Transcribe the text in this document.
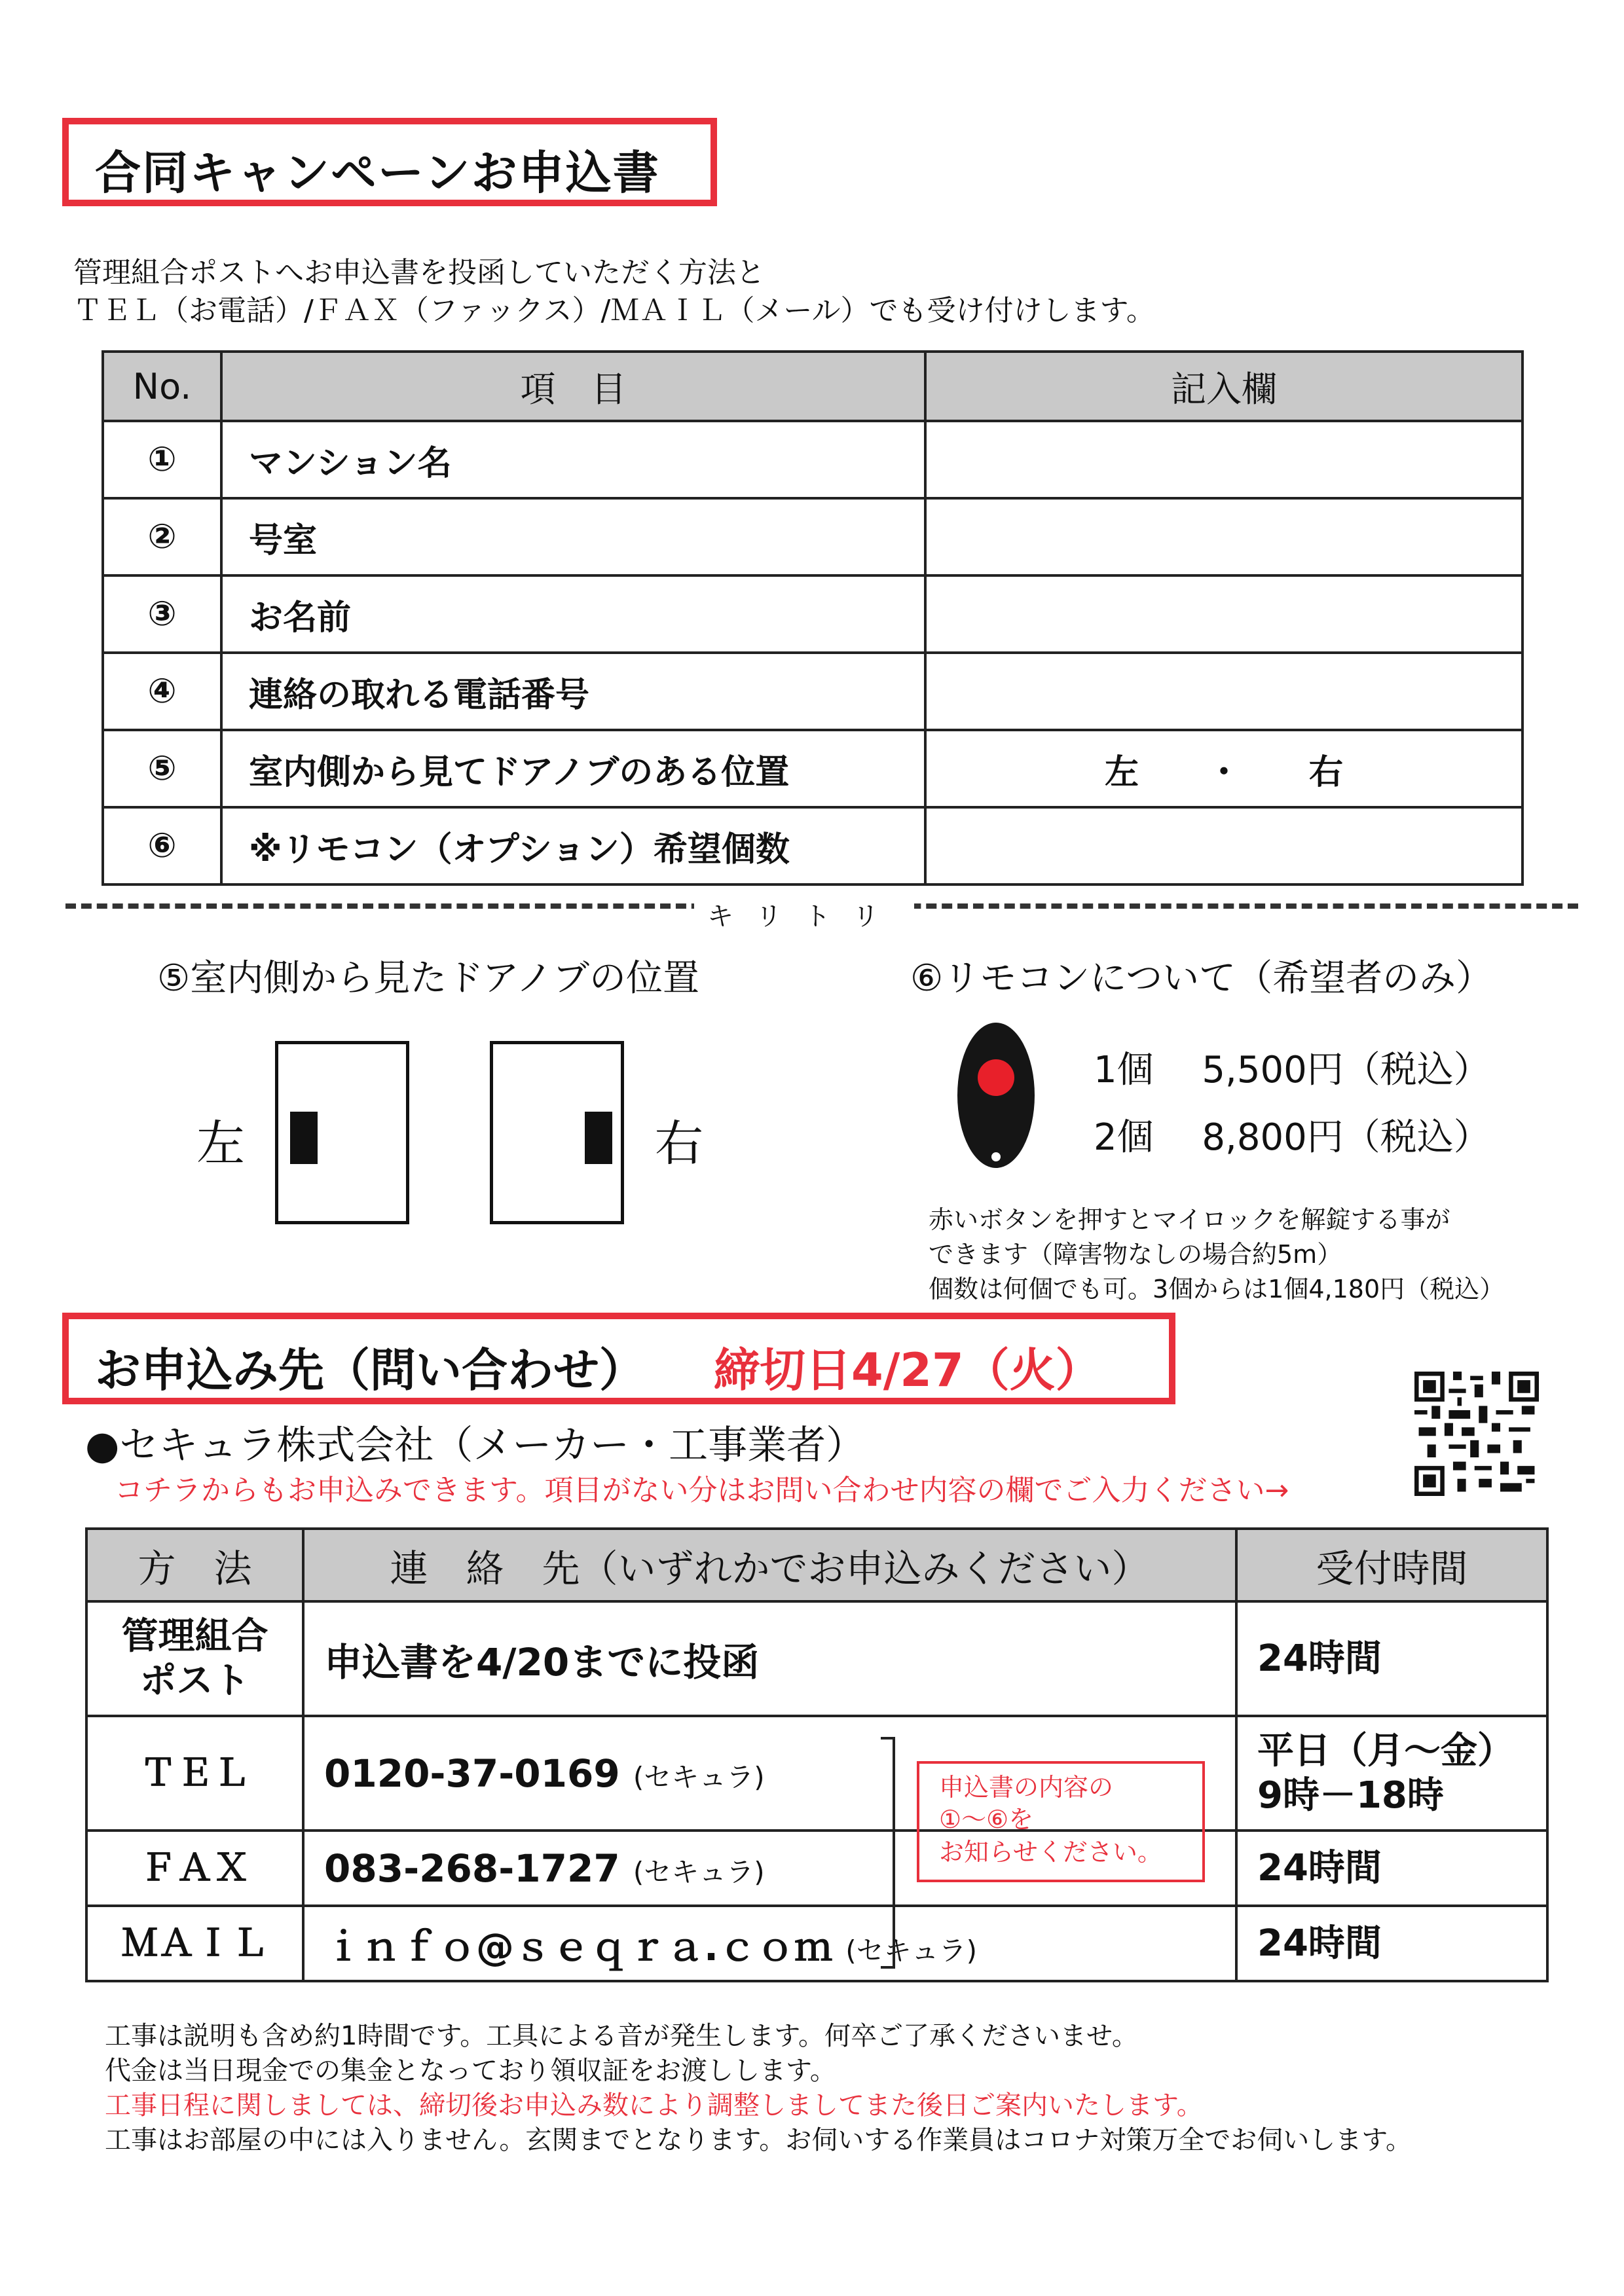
合同キャンペーンお申込書
管理組合ポストへお申込書を投函していただく方法と
ＴＥＬ（お電話）/ＦＡＸ（ファックス）/ＭＡＩＬ（メール）でも受け付けします。
No.	項　目	記入欄
①	マンション名	
②	号室	
③	お名前	
④	連絡の取れる電話番号	
⑤	室内側から見てドアノブのある位置	左　　・　　右
⑥	※リモコン（オプション）希望個数	
キリトリ
⑤室内側から見たドアノブの位置
左	右
⑥リモコンについて（希望者のみ）
1個　 5,500円（税込）
2個　 8,800円（税込）
赤いボタンを押すとマイロックを解錠する事が
できます（障害物なしの場合約5m）
個数は何個でも可。3個からは1個4,180円（税込）
お申込み先（問い合わせ） 締切日4/27（火）
●セキュラ株式会社（メーカー・工事業者）
コチラからもお申込みできます。項目がない分はお問い合わせ内容の欄でご入力ください→
方　法	連　絡　先（いずれかでお申込みください）	受付時間
管理組合
ポスト	申込書を4/20までに投函	24時間
ＴＥＬ	0120-37-0169 (セキュラ)	平日（月～金）
9時－18時
ＦＡＸ	083-268-1727 (セキュラ)	24時間
ＭＡＩＬ	ｉｎｆｏ@ｓｅｑｒａ.ｃｏｍ (セキュラ)	24時間
申込書の内容の
①～⑥を
お知らせください。
工事は説明も含め約1時間です。工具による音が発生します。何卒ご了承くださいませ。
代金は当日現金での集金となっており領収証をお渡しします。
工事日程に関しましては、締切後お申込み数により調整しましてまた後日ご案内いたします。
工事はお部屋の中には入りません。玄関までとなります。お伺いする作業員はコロナ対策万全でお伺いします。
